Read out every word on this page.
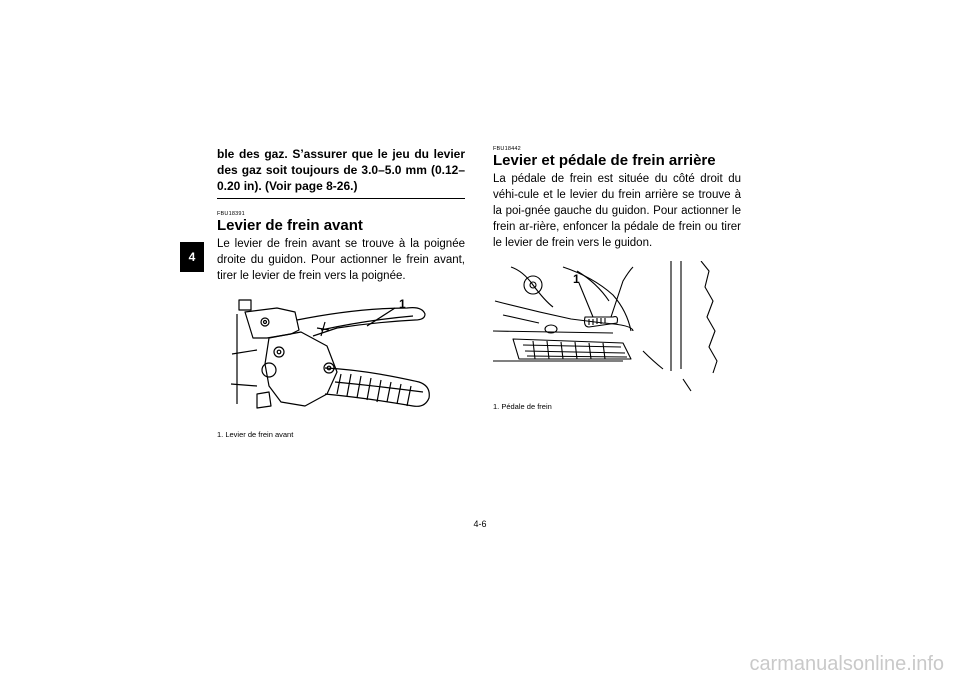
4
ble des gaz. S’assurer que le jeu du levier des gaz soit toujours de 3.0–5.0 mm (0.12–0.20 in). (Voir page 8-26.)
FBU18391
Levier de frein avant

Le levier de frein avant se trouve à la poignée droite du guidon. Pour actionner le frein avant, tirer le levier de frein vers la poignée.

1
1. Levier de frein avant
FBU18442
Levier et pédale de frein arrière

La pédale de frein est située du côté droit du véhi-cule et le levier du frein arrière se trouve à la poi-gnée gauche du guidon. Pour actionner le frein ar-rière, enfoncer la pédale de frein ou tirer le levier de frein vers le guidon.

1
1. Pédale de frein
4-6
carmanualsonline.info
